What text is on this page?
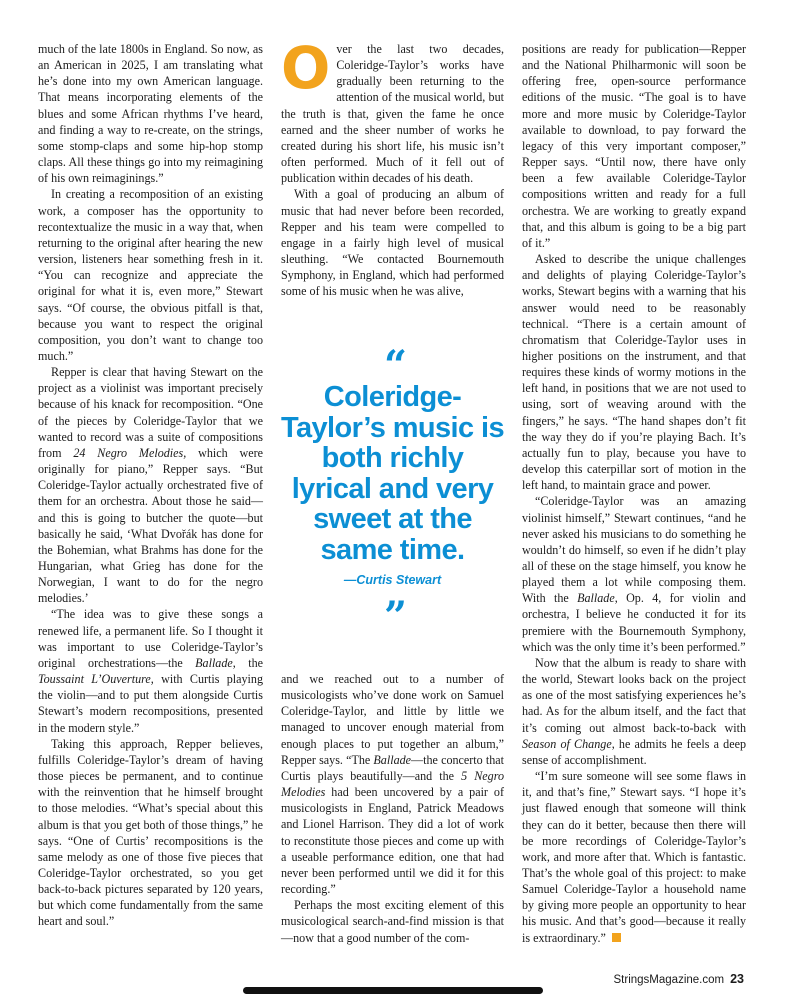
much of the late 1800s in England. So now, as an American in 2025, I am translating what he’s done into my own American language. That means incorporating elements of the blues and some African rhythms I’ve heard, and finding a way to re-create, on the strings, some stomp-claps and some hip-hop stomp claps. All these things go into my reimagining of his own reimaginings.”

In creating a recomposition of an existing work, a composer has the opportunity to recontextualize the music in a way that, when returning to the original after hearing the new version, listeners hear something fresh in it. “You can recognize and appreciate the original for what it is, even more,” Stewart says. “Of course, the obvious pitfall is that, because you want to respect the original composition, you don’t want to change too much.”

Repper is clear that having Stewart on the project as a violinist was important precisely because of his knack for recomposition. “One of the pieces by Coleridge-Taylor that we wanted to record was a suite of compositions from 24 Negro Melodies, which were originally for piano,” Repper says. “But Coleridge-Taylor actually orchestrated five of them for an orchestra. About those he said—and this is going to butcher the quote—but basically he said, ‘What Dvořák has done for the Bohemian, what Brahms has done for the Hungarian, what Grieg has done for the Norwegian, I want to do for the negro melodies.’

“The idea was to give these songs a renewed life, a permanent life. So I thought it was important to use Coleridge-Taylor’s original orchestrations—the Ballade, the Toussaint L’Ouverture, with Curtis playing the violin—and to put them alongside Curtis Stewart’s modern recompositions, presented in the modern style.”

Taking this approach, Repper believes, fulfills Coleridge-Taylor’s dream of having those pieces be permanent, and to continue with the reinvention that he himself brought to those melodies. “What’s special about this album is that you get both of those things,” he says. “One of Curtis’ recompositions is the same melody as one of those five pieces that Coleridge-Taylor orchestrated, so you get back-to-back pictures separated by 120 years, but which come fundamentally from the same heart and soul.”

Over the last two decades, Coleridge-Taylor’s works have gradually been returning to the attention of the musical world, but the truth is that, given the fame he once earned and the sheer number of works he created during his short life, his music isn’t often performed. Much of it fell out of publication within decades of his death.

With a goal of producing an album of music that had never before been recorded, Repper and his team were compelled to engage in a fairly high level of musical sleuthing. “We contacted Bournemouth Symphony, in England, which had performed some of his music when he was alive,

“
Coleridge-Taylor’s music is both richly lyrical and very sweet at the same time.
—Curtis Stewart
”

and we reached out to a number of musicologists who’ve done work on Samuel Coleridge-Taylor, and little by little we managed to uncover enough material from enough places to put together an album,” Repper says. “The Ballade—the concerto that Curtis plays beautifully—and the 5 Negro Melodies had been uncovered by a pair of musicologists in England, Patrick Meadows and Lionel Harrison. They did a lot of work to reconstitute those pieces and come up with a useable performance edition, one that had never been performed until we did it for this recording.”

Perhaps the most exciting element of this musicological search-and-find mission is that—now that a good number of the com-

positions are ready for publication—Repper and the National Philharmonic will soon be offering free, open-source performance editions of the music. “The goal is to have more and more music by Coleridge-Taylor available to download, to pay forward the legacy of this very important composer,” Repper says. “Until now, there have only been a few available Coleridge-Taylor compositions written and ready for a full orchestra. We are working to greatly expand that, and this album is going to be a big part of it.”

Asked to describe the unique challenges and delights of playing Coleridge-Taylor’s works, Stewart begins with a warning that his answer would need to be reasonably technical. “There is a certain amount of chromatism that Coleridge-Taylor uses in higher positions on the instrument, and that requires these kinds of wormy motions in the left hand, in positions that we are not used to using, sort of weaving around with the fingers,” he says. “The hand shapes don’t fit the way they do if you’re playing Bach. It’s actually fun to play, because you have to develop this caterpillar sort of motion in the left hand, to maintain grace and power.

“Coleridge-Taylor was an amazing violinist himself,” Stewart continues, “and he never asked his musicians to do something he wouldn’t do himself, so even if he didn’t play all of these on the stage himself, you know he played them a lot while composing them. With the Ballade, Op. 4, for violin and orchestra, I believe he conducted it for its premiere with the Bournemouth Symphony, which was the only time it’s been performed.”

Now that the album is ready to share with the world, Stewart looks back on the project as one of the most satisfying experiences he’s had. As for the album itself, and the fact that it’s coming out almost back-to-back with Season of Change, he admits he feels a deep sense of accomplishment.

“I’m sure someone will see some flaws in it, and that’s fine,” Stewart says. “I hope it’s just flawed enough that someone will think they can do it better, because then there will be more recordings of Coleridge-Taylor’s work, and more after that. Which is fantastic. That’s the whole goal of this project: to make Samuel Coleridge-Taylor a household name by giving more people an opportunity to hear his music. And that’s good—because it really is extraordinary.”

StringsMagazine.com 23
